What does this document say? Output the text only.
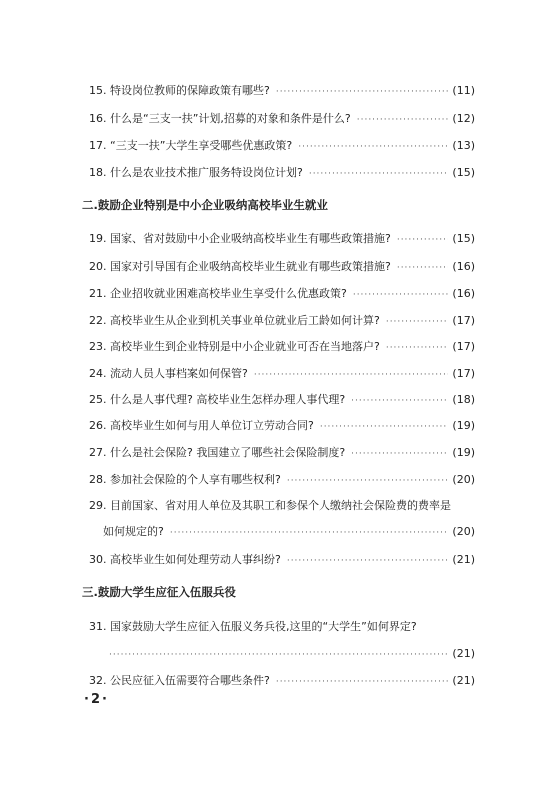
15. 特设岗位教师的保障政策有哪些? ·····	(11)
16. 什么是“三支一扶”计划,招募的对象和条件是什么? ·····	(12)
17. “三支一扶”大学生享受哪些优惠政策? ·····	(13)
18. 什么是农业技术推广服务特设岗位计划? ·····	(15)
二.鼓励企业特别是中小企业吸纳高校毕业生就业
19. 国家、省对鼓励中小企业吸纳高校毕业生有哪些政策措施? ·····	(15)
20. 国家对引导国有企业吸纳高校毕业生就业有哪些政策措施? ·····	(16)
21. 企业招收就业困难高校毕业生享受什么优惠政策? ·····	(16)
22. 高校毕业生从企业到机关事业单位就业后工龄如何计算? ·····	(17)
23. 高校毕业生到企业特别是中小企业就业可否在当地落户? ·····	(17)
24. 流动人员人事档案如何保管? ·····	(17)
25. 什么是人事代理? 高校毕业生怎样办理人事代理? ·····	(18)
26. 高校毕业生如何与用人单位订立劳动合同? ·····	(19)
27. 什么是社会保险? 我国建立了哪些社会保险制度? ·····	(19)
28. 参加社会保险的个人享有哪些权利? ·····	(20)
29. 目前国家、省对用人单位及其职工和参保个人缴纳社会保险费的费率是
如何规定的? ·····	(20)
30. 高校毕业生如何处理劳动人事纠纷? ·····	(21)
三.鼓励大学生应征入伍服兵役
31. 国家鼓励大学生应征入伍服义务兵役,这里的“大学生”如何界定?
·····
(21)
32. 公民应征入伍需要符合哪些条件? ·····	(21)
·2·
